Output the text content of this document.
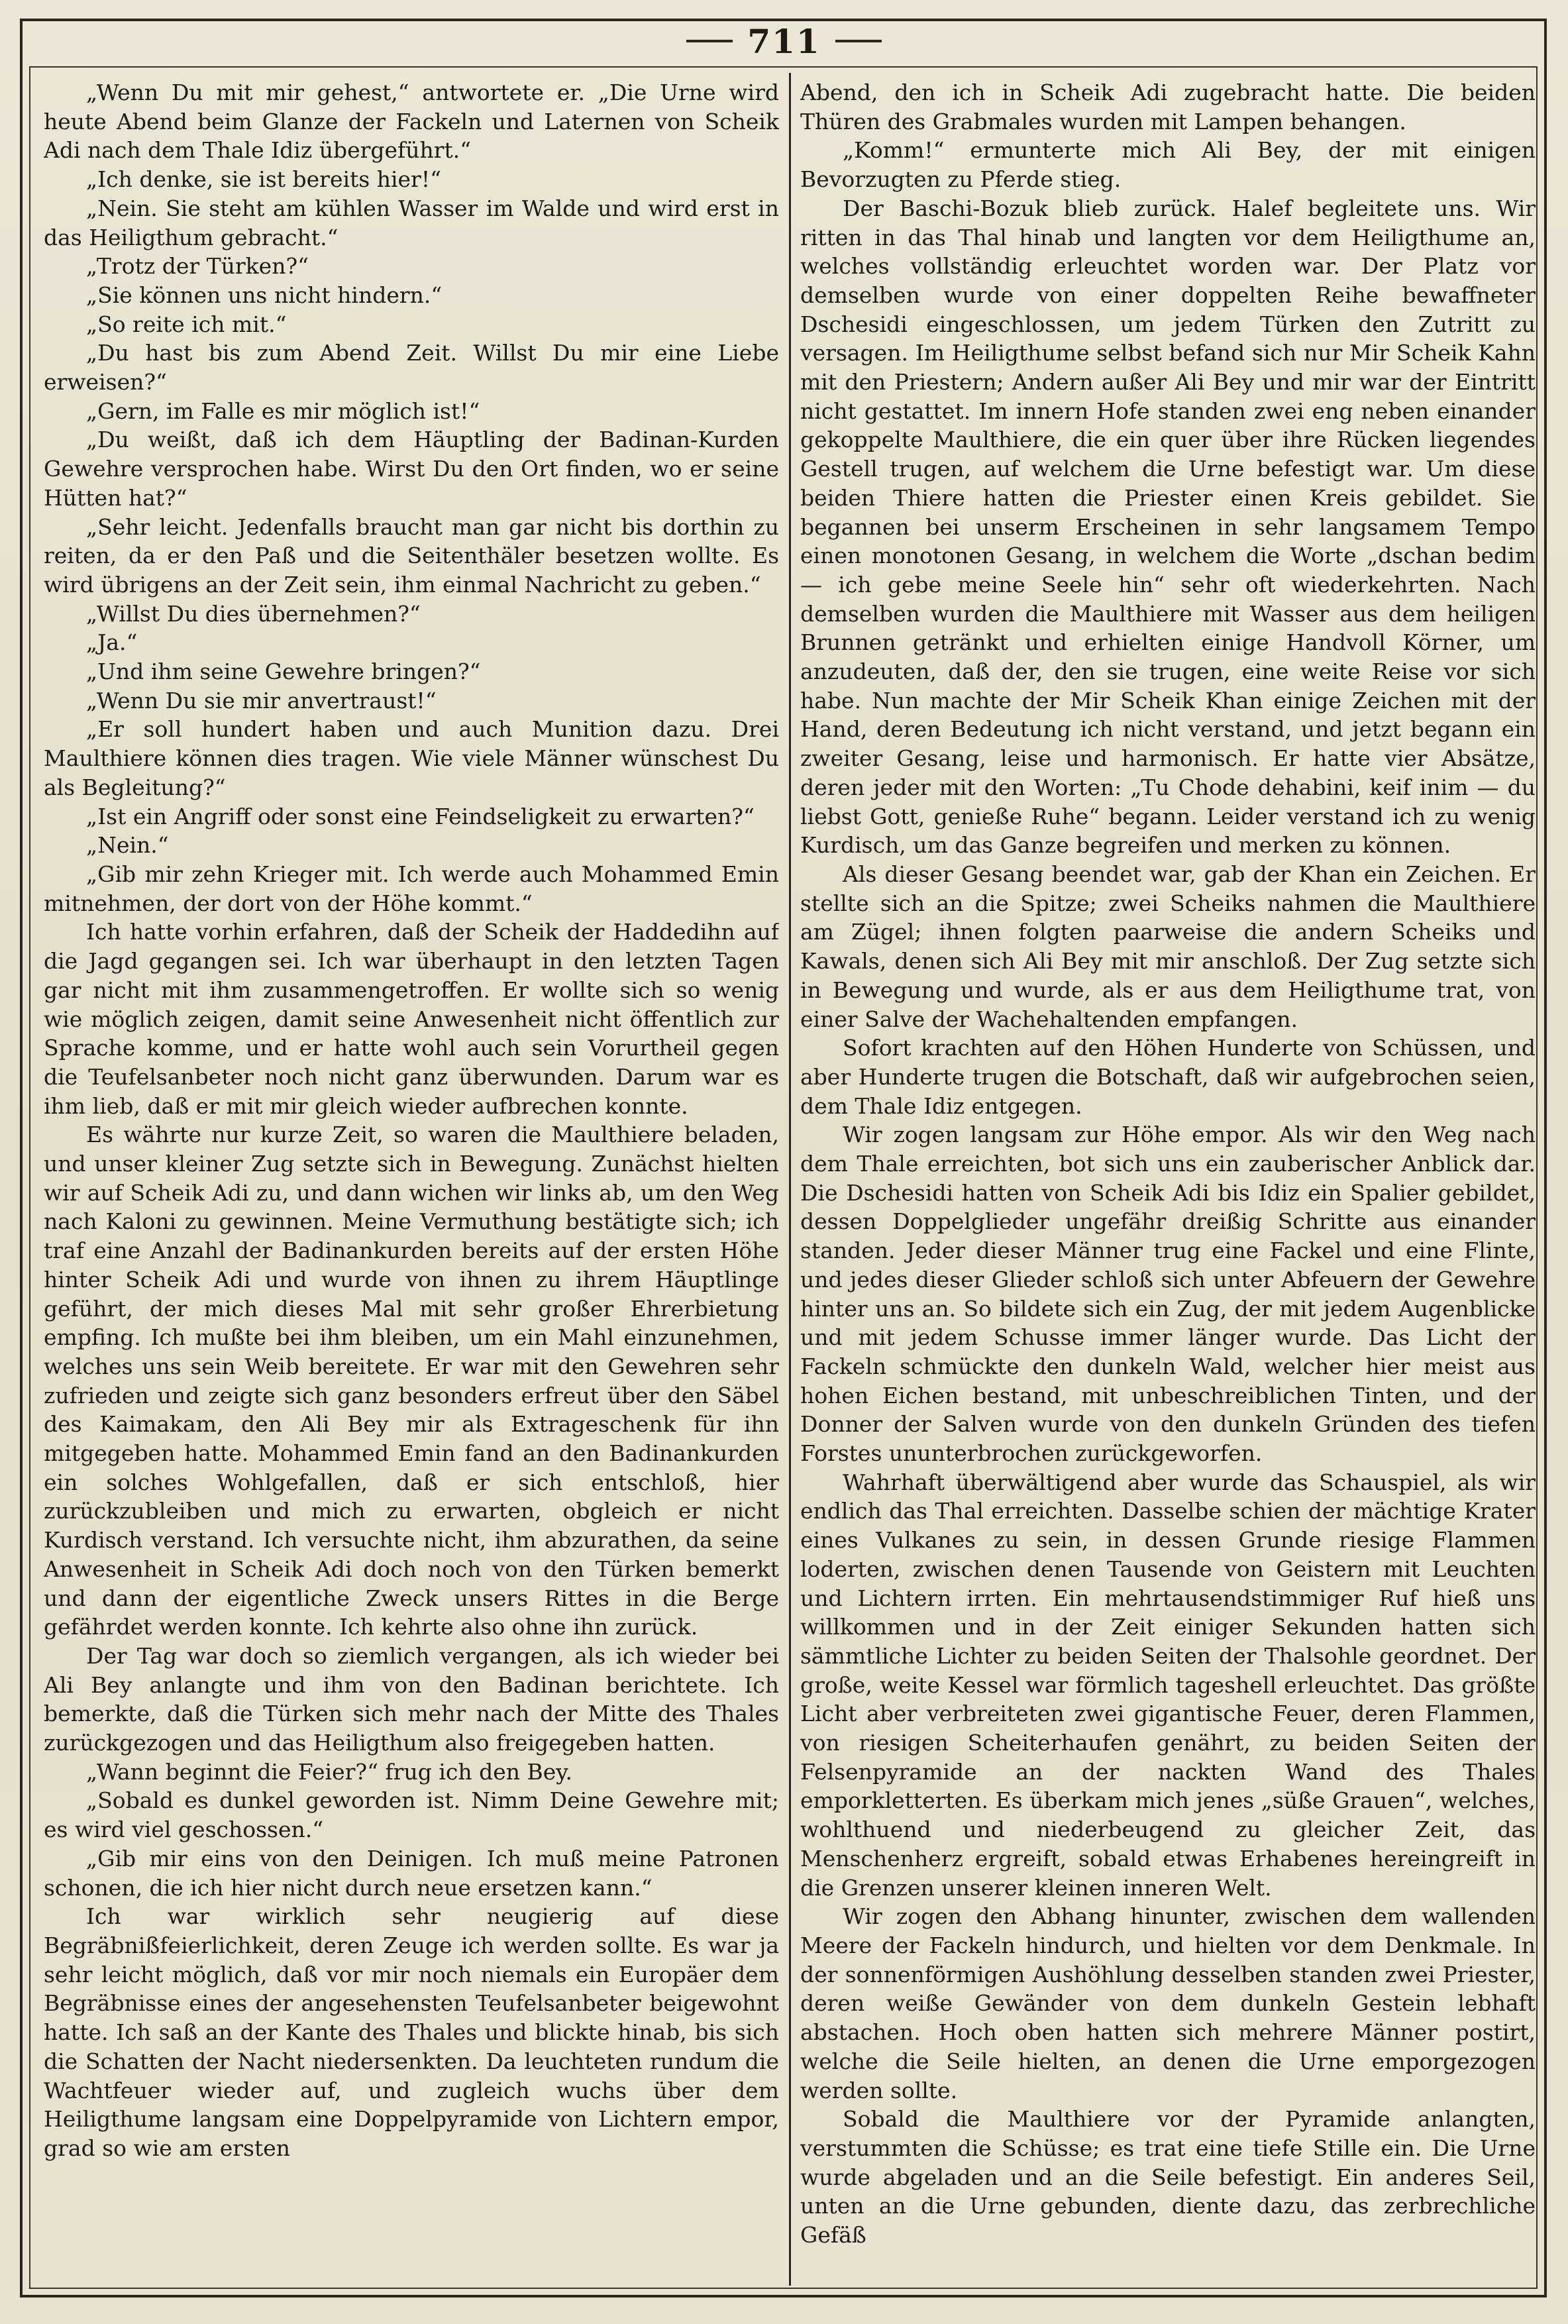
711

„Wenn Du mit mir gehest,“ antwortete er. „Die Urne wird heute Abend beim Glanze der Fackeln und Laternen von Scheik Adi nach dem Thale Idiz übergeführt.“

„Ich denke, sie ist bereits hier!“

„Nein. Sie steht am kühlen Wasser im Walde und wird erst in das Heiligthum gebracht.“

„Trotz der Türken?“

„Sie können uns nicht hindern.“

„So reite ich mit.“

„Du hast bis zum Abend Zeit. Willst Du mir eine Liebe erweisen?“

„Gern, im Falle es mir möglich ist!“

„Du weißt, daß ich dem Häuptling der Badinan-Kurden Gewehre versprochen habe. Wirst Du den Ort finden, wo er seine Hütten hat?“

„Sehr leicht. Jedenfalls braucht man gar nicht bis dorthin zu reiten, da er den Paß und die Seitenthäler besetzen wollte. Es wird übrigens an der Zeit sein, ihm einmal Nachricht zu geben.“

„Willst Du dies übernehmen?“

„Ja.“

„Und ihm seine Gewehre bringen?“

„Wenn Du sie mir anvertraust!“

„Er soll hundert haben und auch Munition dazu. Drei Maulthiere können dies tragen. Wie viele Männer wünschest Du als Begleitung?“

„Ist ein Angriff oder sonst eine Feindseligkeit zu erwarten?“

„Nein.“

„Gib mir zehn Krieger mit. Ich werde auch Mohammed Emin mitnehmen, der dort von der Höhe kommt.“

Ich hatte vorhin erfahren, daß der Scheik der Haddedihn auf die Jagd gegangen sei. Ich war überhaupt in den letzten Tagen gar nicht mit ihm zusammengetroffen. Er wollte sich so wenig wie möglich zeigen, damit seine Anwesenheit nicht öffentlich zur Sprache komme, und er hatte wohl auch sein Vorurtheil gegen die Teufelsanbeter noch nicht ganz überwunden. Darum war es ihm lieb, daß er mit mir gleich wieder aufbrechen konnte.

Es währte nur kurze Zeit, so waren die Maulthiere beladen, und unser kleiner Zug setzte sich in Bewegung. Zunächst hielten wir auf Scheik Adi zu, und dann wichen wir links ab, um den Weg nach Kaloni zu gewinnen. Meine Vermuthung bestätigte sich; ich traf eine Anzahl der Badinankurden bereits auf der ersten Höhe hinter Scheik Adi und wurde von ihnen zu ihrem Häuptlinge geführt, der mich dieses Mal mit sehr großer Ehrerbietung empfing. Ich mußte bei ihm bleiben, um ein Mahl einzunehmen, welches uns sein Weib bereitete. Er war mit den Gewehren sehr zufrieden und zeigte sich ganz besonders erfreut über den Säbel des Kaimakam, den Ali Bey mir als Extrageschenk für ihn mitgegeben hatte. Mohammed Emin fand an den Badinankurden ein solches Wohlgefallen, daß er sich entschloß, hier zurückzubleiben und mich zu erwarten, obgleich er nicht Kurdisch verstand. Ich versuchte nicht, ihm abzurathen, da seine Anwesenheit in Scheik Adi doch noch von den Türken bemerkt und dann der eigentliche Zweck unsers Rittes in die Berge gefährdet werden konnte. Ich kehrte also ohne ihn zurück.

Der Tag war doch so ziemlich vergangen, als ich wieder bei Ali Bey anlangte und ihm von den Badinan berichtete. Ich bemerkte, daß die Türken sich mehr nach der Mitte des Thales zurückgezogen und das Heiligthum also freigegeben hatten.

„Wann beginnt die Feier?“ frug ich den Bey.

„Sobald es dunkel geworden ist. Nimm Deine Gewehre mit; es wird viel geschossen.“

„Gib mir eins von den Deinigen. Ich muß meine Patronen schonen, die ich hier nicht durch neue ersetzen kann.“

Ich war wirklich sehr neugierig auf diese Begräbnißfeierlichkeit, deren Zeuge ich werden sollte. Es war ja sehr leicht möglich, daß vor mir noch niemals ein Europäer dem Begräbnisse eines der angesehensten Teufelsanbeter beigewohnt hatte. Ich saß an der Kante des Thales und blickte hinab, bis sich die Schatten der Nacht niedersenkten. Da leuchteten rundum die Wachtfeuer wieder auf, und zugleich wuchs über dem Heiligthume langsam eine Doppelpyramide von Lichtern empor, grad so wie am ersten

Abend, den ich in Scheik Adi zugebracht hatte. Die beiden Thüren des Grabmales wurden mit Lampen behangen.

„Komm!“ ermunterte mich Ali Bey, der mit einigen Bevorzugten zu Pferde stieg.

Der Baschi-Bozuk blieb zurück. Halef begleitete uns. Wir ritten in das Thal hinab und langten vor dem Heiligthume an, welches vollständig erleuchtet worden war. Der Platz vor demselben wurde von einer doppelten Reihe bewaffneter Dschesidi eingeschlossen, um jedem Türken den Zutritt zu versagen. Im Heiligthume selbst befand sich nur Mir Scheik Kahn mit den Priestern; Andern außer Ali Bey und mir war der Eintritt nicht gestattet. Im innern Hofe standen zwei eng neben einander gekoppelte Maulthiere, die ein quer über ihre Rücken liegendes Gestell trugen, auf welchem die Urne befestigt war. Um diese beiden Thiere hatten die Priester einen Kreis gebildet. Sie begannen bei unserm Erscheinen in sehr langsamem Tempo einen monotonen Gesang, in welchem die Worte „dschan bedim — ich gebe meine Seele hin“ sehr oft wiederkehrten. Nach demselben wurden die Maulthiere mit Wasser aus dem heiligen Brunnen getränkt und erhielten einige Handvoll Körner, um anzudeuten, daß der, den sie trugen, eine weite Reise vor sich habe. Nun machte der Mir Scheik Khan einige Zeichen mit der Hand, deren Bedeutung ich nicht verstand, und jetzt begann ein zweiter Gesang, leise und harmonisch. Er hatte vier Absätze, deren jeder mit den Worten: „Tu Chode dehabini, keif inim — du liebst Gott, genieße Ruhe“ begann. Leider verstand ich zu wenig Kurdisch, um das Ganze begreifen und merken zu können.

Als dieser Gesang beendet war, gab der Khan ein Zeichen. Er stellte sich an die Spitze; zwei Scheiks nahmen die Maulthiere am Zügel; ihnen folgten paarweise die andern Scheiks und Kawals, denen sich Ali Bey mit mir anschloß. Der Zug setzte sich in Bewegung und wurde, als er aus dem Heiligthume trat, von einer Salve der Wachehaltenden empfangen.

Sofort krachten auf den Höhen Hunderte von Schüssen, und aber Hunderte trugen die Botschaft, daß wir aufgebrochen seien, dem Thale Idiz entgegen.

Wir zogen langsam zur Höhe empor. Als wir den Weg nach dem Thale erreichten, bot sich uns ein zauberischer Anblick dar. Die Dschesidi hatten von Scheik Adi bis Idiz ein Spalier gebildet, dessen Doppelglieder ungefähr dreißig Schritte aus einander standen. Jeder dieser Männer trug eine Fackel und eine Flinte, und jedes dieser Glieder schloß sich unter Abfeuern der Gewehre hinter uns an. So bildete sich ein Zug, der mit jedem Augenblicke und mit jedem Schusse immer länger wurde. Das Licht der Fackeln schmückte den dunkeln Wald, welcher hier meist aus hohen Eichen bestand, mit unbeschreiblichen Tinten, und der Donner der Salven wurde von den dunkeln Gründen des tiefen Forstes ununterbrochen zurückgeworfen.

Wahrhaft überwältigend aber wurde das Schauspiel, als wir endlich das Thal erreichten. Dasselbe schien der mächtige Krater eines Vulkanes zu sein, in dessen Grunde riesige Flammen loderten, zwischen denen Tausende von Geistern mit Leuchten und Lichtern irrten. Ein mehrtausendstimmiger Ruf hieß uns willkommen und in der Zeit einiger Sekunden hatten sich sämmtliche Lichter zu beiden Seiten der Thalsohle geordnet. Der große, weite Kessel war förmlich tageshell erleuchtet. Das größte Licht aber verbreiteten zwei gigantische Feuer, deren Flammen, von riesigen Scheiterhaufen genährt, zu beiden Seiten der Felsenpyramide an der nackten Wand des Thales emporkletterten. Es überkam mich jenes „süße Grauen“, welches, wohlthuend und niederbeugend zu gleicher Zeit, das Menschenherz ergreift, sobald etwas Erhabenes hereingreift in die Grenzen unserer kleinen inneren Welt.

Wir zogen den Abhang hinunter, zwischen dem wallenden Meere der Fackeln hindurch, und hielten vor dem Denkmale. In der sonnenförmigen Aushöhlung desselben standen zwei Priester, deren weiße Gewänder von dem dunkeln Gestein lebhaft abstachen. Hoch oben hatten sich mehrere Männer postirt, welche die Seile hielten, an denen die Urne emporgezogen werden sollte.

Sobald die Maulthiere vor der Pyramide anlangten, verstummten die Schüsse; es trat eine tiefe Stille ein. Die Urne wurde abgeladen und an die Seile befestigt. Ein anderes Seil, unten an die Urne gebunden, diente dazu, das zerbrechliche Gefäß
